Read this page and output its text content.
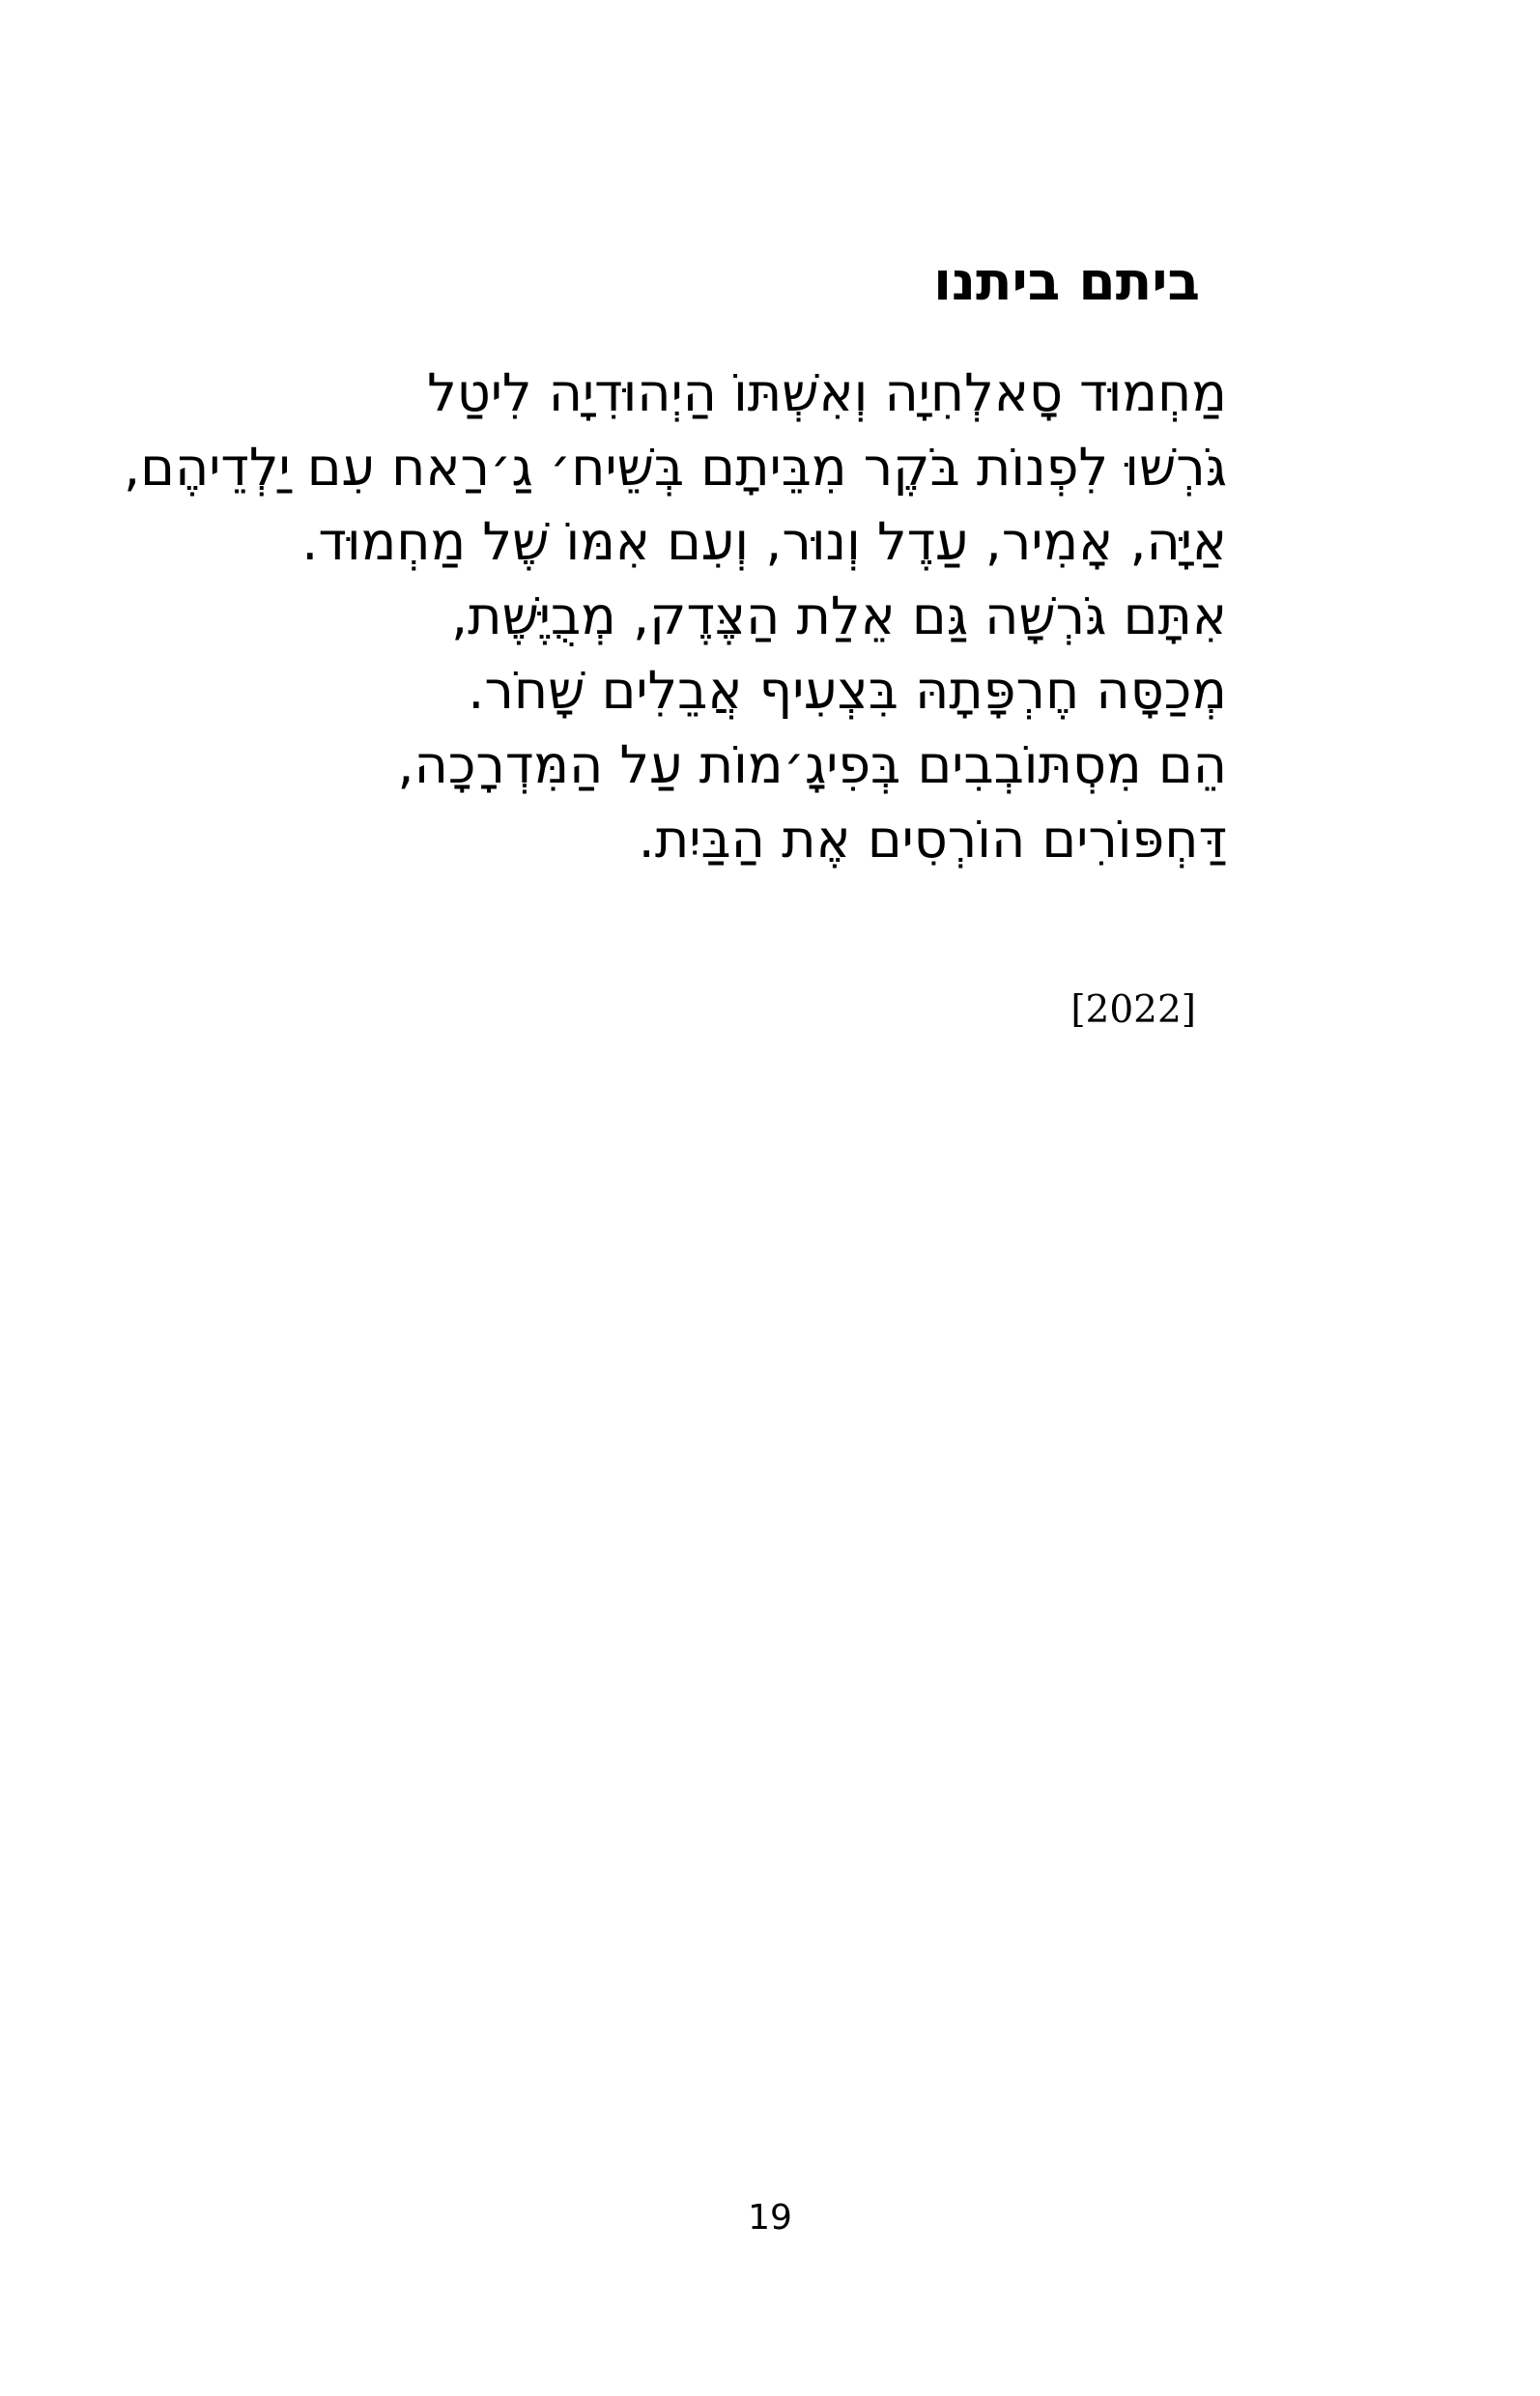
ביתם ביתנו
מַחְמוּד סָאלְחִיָה וְאִשְׁתּוֹ הַיְהוּדִיָה לִיטַל
גֹּרְשׁוּ לִפְנוֹת בֹּקֶר מִבֵּיתָם בְּשֵׁיח׳ גַ׳רַאח עִם יַלְדֵיהֶם,
אַיָּה, אָמִיר, עַדֶל וְנוּר, וְעִם אִמּוֹ שֶׁל מַחְמוּד.
אִתָּם גֹּרְשָׁה גַּם אֵלַת הַצֶּדֶק, מְבֻיֶּשֶׁת,
מְכַסָּה חֶרְפָּתָהּ בִּצְעִיף אֲבֵלִים שָׁחֹר.
הֵם מִסְתּוֹבְבִים בְּפִיגָ׳מוֹת עַל הַמִּדְרָכָה,
דַּחְפּוֹרִים הוֹרְסִים אֶת הַבַּיִת.
[2022]
19
